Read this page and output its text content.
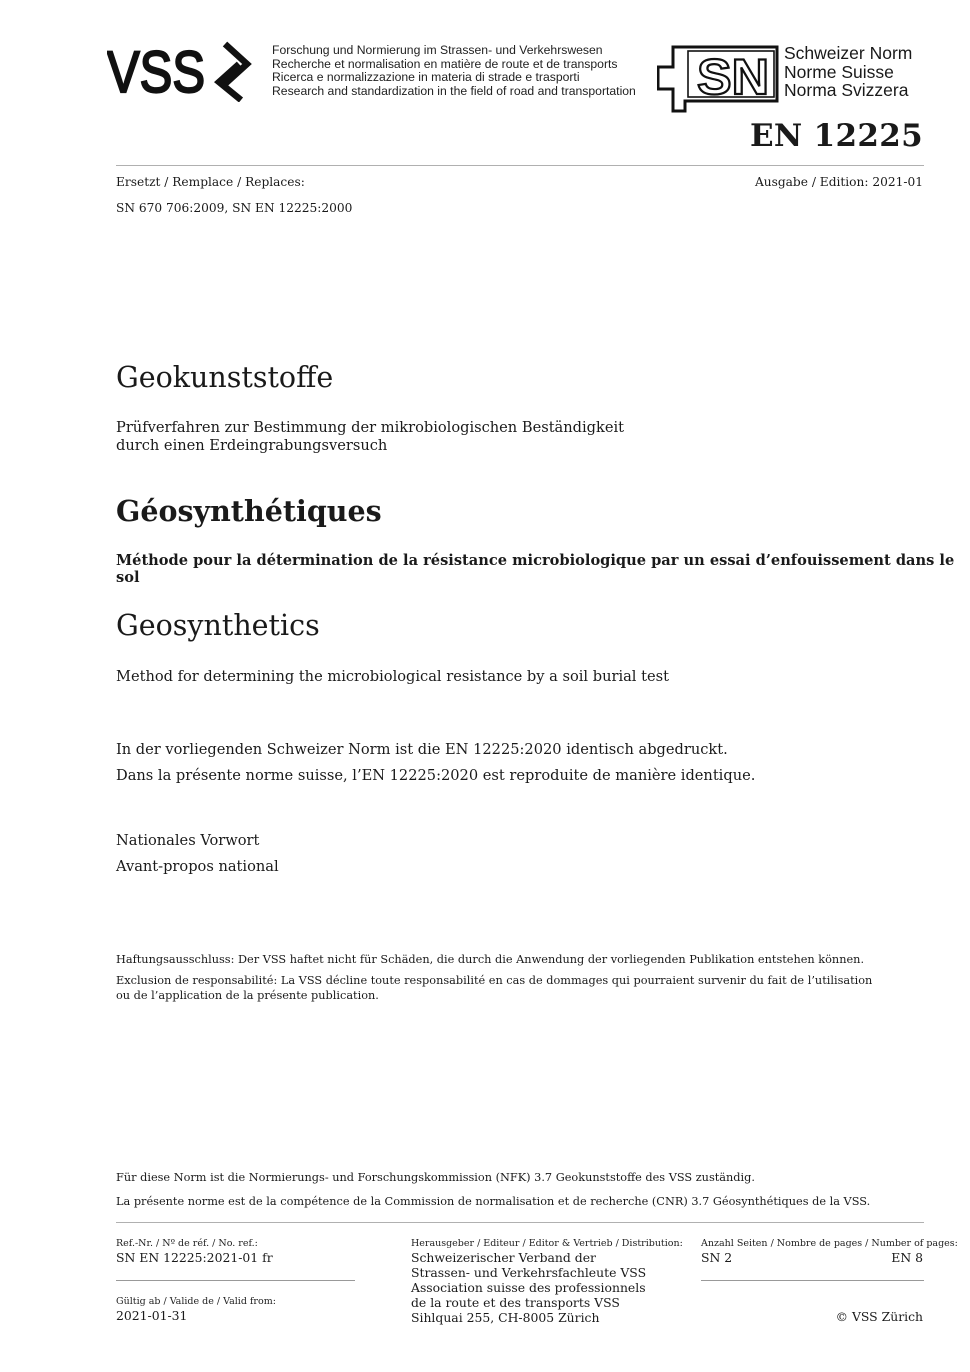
VSS	Forschung und Normierung im Strassen- und Verkehrswesen
Recherche et normalisation en matière de route et de transports
Ricerca e normalizzazione in materia di strade e trasporti
Research and standardization in the field of road and transportation SN Schweizer Norm
Norme Suisse
Norma Svizzera
EN 12225
Ersetzt / Remplace / Replaces:	Ausgabe / Edition: 2021-01
SN 670 706:2009, SN EN 12225:2000
Geokunststoffe
Prüfverfahren zur Bestimmung der mikrobiologischen Beständigkeit
durch einen Erdeingrabungsversuch
Géosynthétiques
Méthode pour la détermination de la résistance microbiologique par un essai d’enfouissement dans le sol
Geosynthetics
Method for determining the microbiological resistance by a soil burial test
In der vorliegenden Schweizer Norm ist die EN 12225:2020 identisch abgedruckt.
Dans la présente norme suisse, l’EN 12225:2020 est reproduite de manière identique.
Nationales Vorwort
Avant-propos national
Haftungsausschluss: Der VSS haftet nicht für Schäden, die durch die Anwendung der vorliegenden Publikation entstehen können.
Exclusion de responsabilité: La VSS décline toute responsabilité en cas de dommages qui pourraient survenir du fait de l’utilisation
ou de l’application de la présente publication.
Für diese Norm ist die Normierungs- und Forschungskommission (NFK) 3.7 Geokunststoffe des VSS zuständig.
La présente norme est de la compétence de la Commission de normalisation et de recherche (CNR) 3.7 Géosynthétiques de la VSS.
Ref.-Nr. / Nº de réf. / No. ref.:
SN EN 12225:2021-01 fr
Gültig ab / Valide de / Valid from:
2021-01-31
Herausgeber / Editeur / Editor & Vertrieb / Distribution:
Schweizerischer Verband der
Strassen- und Verkehrsfachleute VSS
Association suisse des professionnels
de la route et des transports VSS
Sihlquai 255, CH-8005 Zürich
Anzahl Seiten / Nombre de pages / Number of pages:
SN 2	EN 8
© VSS Zürich
